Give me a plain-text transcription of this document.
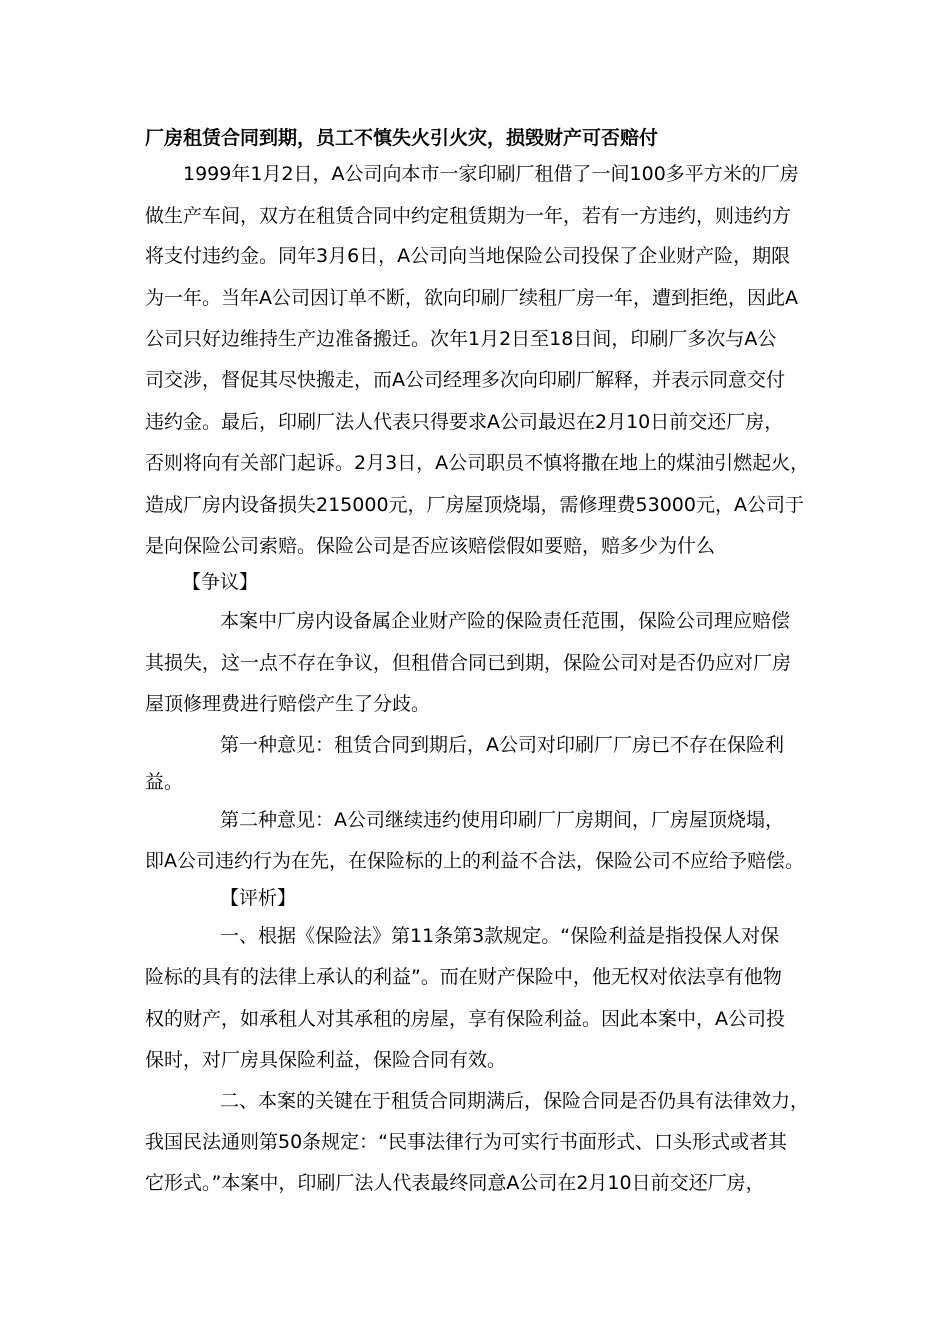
厂房租赁合同到期，员工不慎失火引火灾，损毁财产可否赔付
1999年1月2日，A公司向本市一家印刷厂租借了一间100多平方米的厂房
做生产车间，双方在租赁合同中约定租赁期为一年，若有一方违约，则违约方
将支付违约金。同年3月6日，A公司向当地保险公司投保了企业财产险，期限
为一年。当年A公司因订单不断，欲向印刷厂续租厂房一年，遭到拒绝，因此A
公司只好边维持生产边准备搬迁。次年1月2日至18日间，印刷厂多次与A公
司交涉，督促其尽快搬走，而A公司经理多次向印刷厂解释，并表示同意交付
违约金。最后，印刷厂法人代表只得要求A公司最迟在2月10日前交还厂房，
否则将向有关部门起诉。2月3日，A公司职员不慎将撒在地上的煤油引燃起火，
造成厂房内设备损失215000元，厂房屋顶烧塌，需修理费53000元，A公司于
是向保险公司索赔。保险公司是否应该赔偿假如要赔，赔多少为什么
【争议】
本案中厂房内设备属企业财产险的保险责任范围，保险公司理应赔偿
其损失，这一点不存在争议，但租借合同已到期，保险公司对是否仍应对厂房
屋顶修理费进行赔偿产生了分歧。
第一种意见：租赁合同到期后，A公司对印刷厂厂房已不存在保险利
益。
第二种意见：A公司继续违约使用印刷厂厂房期间，厂房屋顶烧塌，
即A公司违约行为在先，在保险标的上的利益不合法，保险公司不应给予赔偿。
【评析】
一、根据《保险法》第11条第3款规定。“保险利益是指投保人对保
险标的具有的法律上承认的利益”。而在财产保险中，他无权对依法享有他物
权的财产，如承租人对其承租的房屋，享有保险利益。因此本案中，A公司投
保时，对厂房具保险利益，保险合同有效。
二、本案的关键在于租赁合同期满后，保险合同是否仍具有法律效力，
我国民法通则第50条规定：“民事法律行为可实行书面形式、口头形式或者其
它形式。”本案中，印刷厂法人代表最终同意A公司在2月10日前交还厂房，
